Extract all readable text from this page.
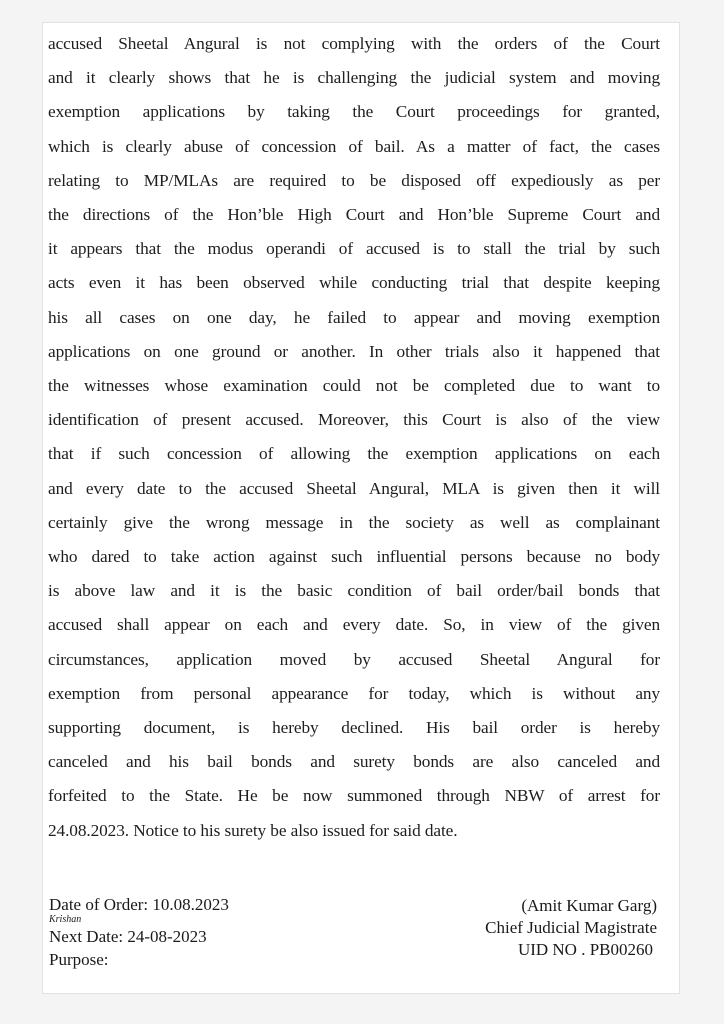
accused Sheetal Angural is not complying with the orders of the Court
and it clearly shows that he is challenging the judicial system and moving
exemption applications by taking the Court proceedings for granted,
which is clearly abuse of concession of bail. As a matter of fact, the cases
relating to MP/MLAs are required to be disposed off expediously as per
the directions of the Hon’ble High Court and Hon’ble Supreme Court and
it appears that the modus operandi of accused is to stall the trial by such
acts even it has been observed while conducting trial that despite keeping
his all cases on one day, he failed to appear and moving exemption
applications on one ground or another. In other trials also it happened that
the witnesses whose examination could not be completed due to want to
identification of present accused. Moreover, this Court is also of the view
that if such concession of allowing the exemption applications on each
and every date to the accused Sheetal Angural, MLA is given then it will
certainly give the wrong message in the society as well as complainant
who dared to take action against such influential persons because no body
is above law and it is the basic condition of bail order/bail bonds that
accused shall appear on each and every date. So, in view of the given
circumstances, application moved by accused Sheetal Angural for
exemption from personal appearance for today, which is without any
supporting document, is hereby declined. His bail order is hereby
canceled and his bail bonds and surety bonds are also canceled and
forfeited to the State. He be now summoned through NBW of arrest for
24.08.2023. Notice to his surety be also issued for said date.
Date of Order: 10.08.2023
Krishan
Next Date: 24-08-2023
Purpose:
(Amit Kumar Garg)
Chief Judicial Magistrate
UID NO . PB00260
